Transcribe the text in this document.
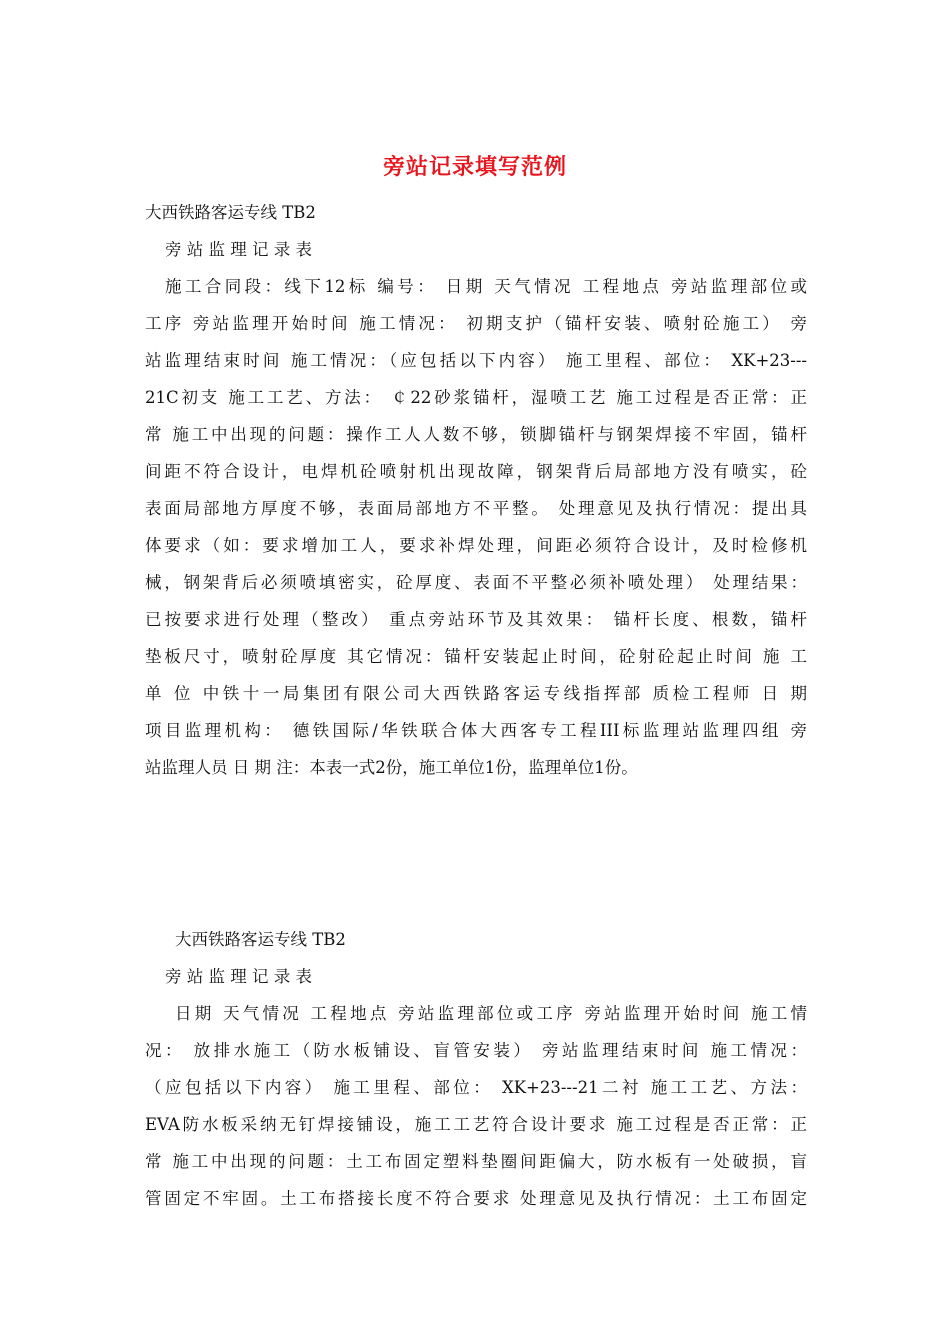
旁站记录填写范例
大西铁路客运专线 TB2
旁 站 监 理 记 录 表
施工合同段：线下12标 编号： 日期 天气情况 工程地点 旁站监理部位或
工序 旁站监理开始时间 施工情况： 初期支护（锚杆安装、喷射砼施工） 旁
站监理结束时间 施工情况：（应包括以下内容） 施工里程、部位： XK+23---
21C初支 施工工艺、方法： ￠22砂浆锚杆，湿喷工艺 施工过程是否正常：正
常 施工中出现的问题：操作工人人数不够，锁脚锚杆与钢架焊接不牢固，锚杆
间距不符合设计，电焊机砼喷射机出现故障，钢架背后局部地方没有喷实，砼
表面局部地方厚度不够，表面局部地方不平整。 处理意见及执行情况：提出具
体要求（如：要求增加工人，要求补焊处理，间距必须符合设计，及时检修机
械，钢架背后必须喷填密实，砼厚度、表面不平整必须补喷处理） 处理结果：
已按要求进行处理（整改） 重点旁站环节及其效果： 锚杆长度、根数，锚杆
垫板尺寸，喷射砼厚度 其它情况：锚杆安装起止时间，砼射砼起止时间 施 工
单 位 中铁十一局集团有限公司大西铁路客运专线指挥部 质检工程师 日 期
项目监理机构： 德铁国际/华铁联合体大西客专工程III标监理站监理四组 旁
站监理人员 日 期 注：本表一式2份，施工单位1份，监理单位1份。
大西铁路客运专线 TB2
旁 站 监 理 记 录 表
日期 天气情况 工程地点 旁站监理部位或工序 旁站监理开始时间 施工情
况： 放排水施工（防水板铺设、盲管安装） 旁站监理结束时间 施工情况：
（应包括以下内容） 施工里程、部位： XK+23---21二衬 施工工艺、方法：
EVA防水板采纳无钉焊接铺设，施工工艺符合设计要求 施工过程是否正常：正
常 施工中出现的问题：土工布固定塑料垫圈间距偏大，防水板有一处破损，盲
管固定不牢固。土工布搭接长度不符合要求 处理意见及执行情况：土工布固定
